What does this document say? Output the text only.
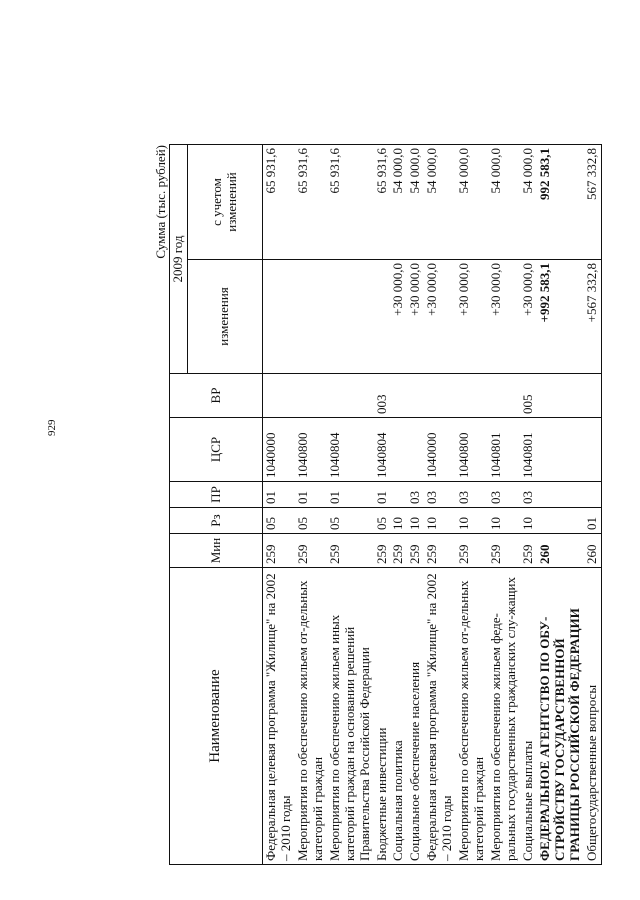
929
Сумма (тыс. рублей)
Наименование	Мин	Рз	ПР	ЦСР	ВР	2009 год	
						изменения	с учетом изменений
Федеральная целевая программа "Жилище" на 2002 – 2010 годы	259	05	01	1040000			65 931,6
Мероприятия по обеспечению жильем от-дельных категорий граждан	259	05	01	1040800			65 931,6
Мероприятия по обеспечению жильем иных категорий граждан на основании решений Правительства Российской Федерации	259	05	01	1040804			65 931,6
Бюджетные инвестиции	259	05	01	1040804	003		65 931,6
Социальная политика	259	10				+30 000,0	54 000,0
Социальное обеспечение населения	259	10	03			+30 000,0	54 000,0
Федеральная целевая программа "Жилище" на 2002 – 2010 годы	259	10	03	1040000		+30 000,0	54 000,0
Мероприятия по обеспечению жильем от-дельных категорий граждан	259	10	03	1040800		+30 000,0	54 000,0
Мероприятия по обеспечению жильем феде-ральных государственных гражданских слу-жащих	259	10	03	1040801		+30 000,0	54 000,0
Социальные выплаты	259	10	03	1040801	005	+30 000,0	54 000,0
ФЕДЕРАЛЬНОЕ АГЕНТСТВО ПО ОБУ-СТРОЙСТВУ ГОСУДАРСТВЕННОЙ ГРАНИЦЫ РОССИЙСКОЙ ФЕДЕРАЦИИ	260					+992 583,1	992 583,1
Общегосударственные вопросы	260	01				+567 332,8	567 332,8
